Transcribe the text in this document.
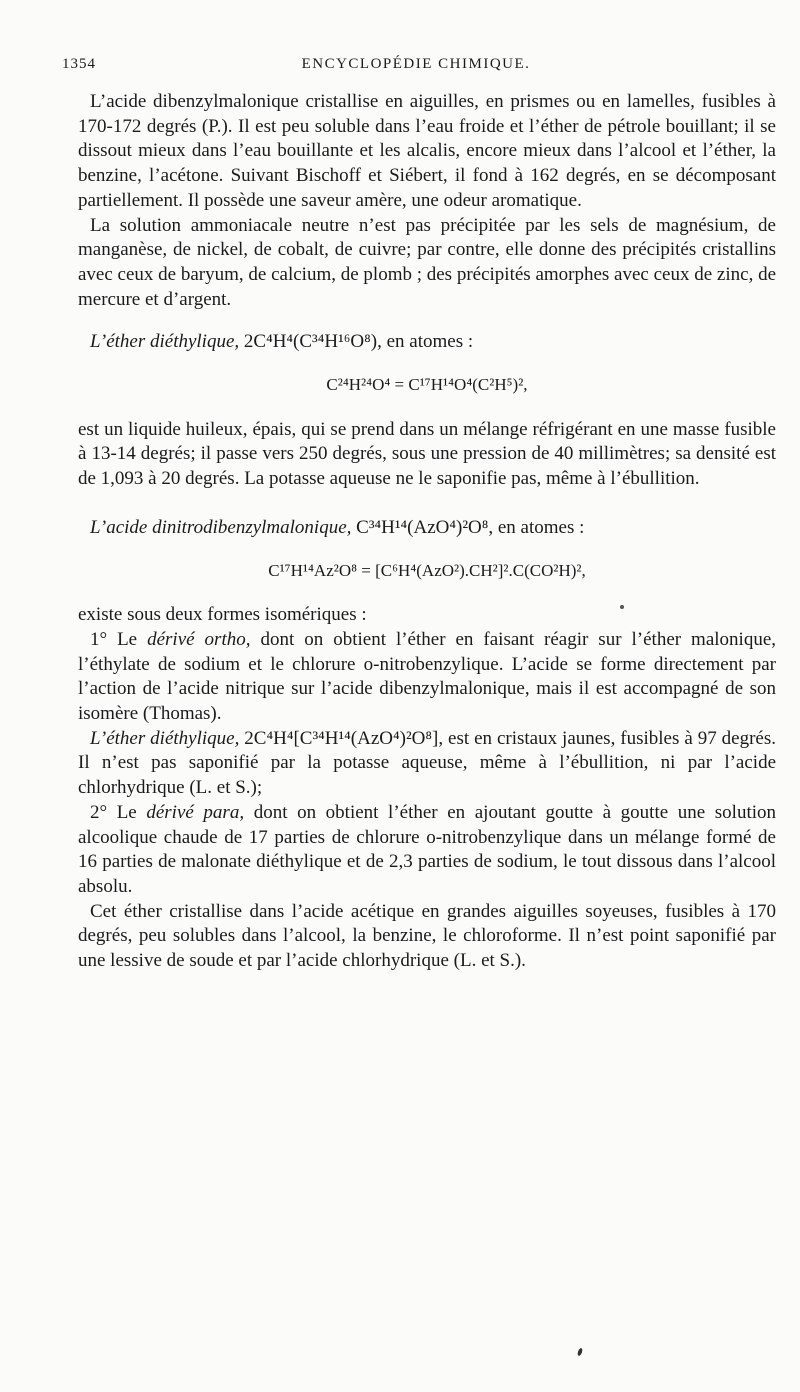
1354	ENCYCLOPÉDIE CHIMIQUE.

L’acide dibenzylmalonique cristallise en aiguilles, en prismes ou en lamelles, fusibles à 170-172 degrés (P.). Il est peu soluble dans l’eau froide et l’éther de pétrole bouillant; il se dissout mieux dans l’eau bouillante et les alcalis, encore mieux dans l’alcool et l’éther, la benzine, l’acétone. Suivant Bischoff et Siébert, il fond à 162 degrés, en se décomposant partiellement. Il possède une saveur amère, une odeur aromatique.

La solution ammoniacale neutre n’est pas précipitée par les sels de magnésium, de manganèse, de nickel, de cobalt, de cuivre; par contre, elle donne des précipités cristallins avec ceux de baryum, de calcium, de plomb ; des précipités amorphes avec ceux de zinc, de mercure et d’argent.

L’éther diéthylique, 2C⁴H⁴(C³⁴H¹⁶O⁸), en atomes :

C²⁴H²⁴O⁴ = C¹⁷H¹⁴O⁴(C²H⁵)²,

est un liquide huileux, épais, qui se prend dans un mélange réfrigérant en une masse fusible à 13-14 degrés; il passe vers 250 degrés, sous une pression de 40 millimètres; sa densité est de 1,093 à 20 degrés. La potasse aqueuse ne le saponifie pas, même à l’ébullition.

L’acide dinitrodibenzylmalonique, C³⁴H¹⁴(AzO⁴)²O⁸, en atomes :

C¹⁷H¹⁴Az²O⁸ = [C⁶H⁴(AzO²).CH²]².C(CO²H)²,

existe sous deux formes isomériques :

1° Le dérivé ortho, dont on obtient l’éther en faisant réagir sur l’éther malonique, l’éthylate de sodium et le chlorure o-nitrobenzylique. L’acide se forme directement par l’action de l’acide nitrique sur l’acide dibenzylmalonique, mais il est accompagné de son isomère (Thomas).

L’éther diéthylique, 2C⁴H⁴[C³⁴H¹⁴(AzO⁴)²O⁸], est en cristaux jaunes, fusibles à 97 degrés. Il n’est pas saponifié par la potasse aqueuse, même à l’ébullition, ni par l’acide chlorhydrique (L. et S.);

2° Le dérivé para, dont on obtient l’éther en ajoutant goutte à goutte une solution alcoolique chaude de 17 parties de chlorure o-nitrobenzylique dans un mélange formé de 16 parties de malonate diéthylique et de 2,3 parties de sodium, le tout dissous dans l’alcool absolu.

Cet éther cristallise dans l’acide acétique en grandes aiguilles soyeuses, fusibles à 170 degrés, peu solubles dans l’alcool, la benzine, le chloroforme. Il n’est point saponifié par une lessive de soude et par l’acide chlorhydrique (L. et S.).
